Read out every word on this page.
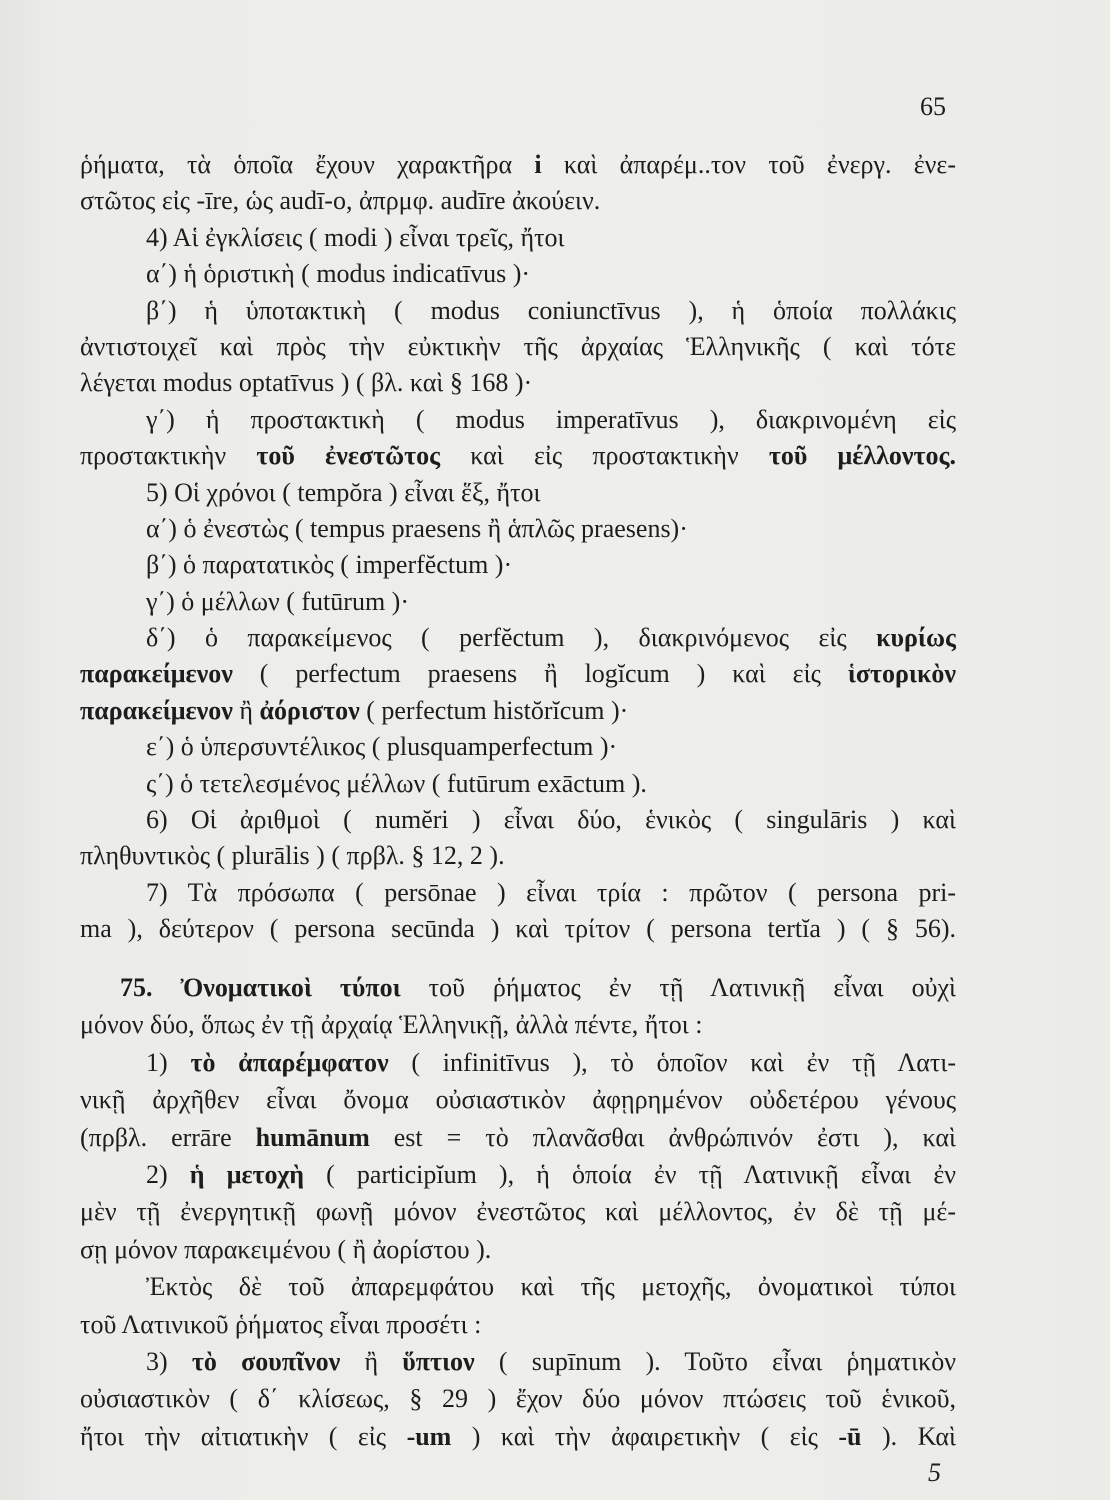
65
ῥήματα, τὰ ὁποῖα ἔχουν χαρακτῆρα i καὶ ἀπαρέμ..τον τοῦ ἐνεργ. ἐνε-
στῶτος εἰς -īre, ὡς audī-o, ἀπρμφ. audīre ἀκούειν.
4) Αἱ ἐγκλίσεις ( modi ) εἶναι τρεῖς, ἤτοι
α΄) ἡ ὁριστικὴ ( modus indicatīvus )·
β΄) ἡ ὑποτακτικὴ ( modus coniunctīvus ), ἡ ὁποία πολλάκις
ἀντιστοιχεῖ καὶ πρὸς τὴν εὐκτικὴν τῆς ἀρχαίας Ἑλληνικῆς ( καὶ τότε
λέγεται modus optatīvus ) ( βλ. καὶ § 168 )·
γ΄) ἡ προστακτικὴ ( modus imperatīvus ), διακρινομένη εἰς
προστακτικὴν τοῦ ἐνεστῶτος καὶ εἰς προστακτικὴν τοῦ μέλλοντος.
5) Οἱ χρόνοι ( tempŏra ) εἶναι ἕξ, ἤτοι
α΄) ὁ ἐνεστὼς ( tempus praesens ἢ ἁπλῶς praesens)·
β΄) ὁ παρατατικὸς ( imperfĕctum )·
γ΄) ὁ μέλλων ( futūrum )·
δ΄) ὁ παρακείμενος ( perfĕctum ), διακρινόμενος εἰς κυρίως
παρακείμενον ( perfectum praesens ἢ logĭcum ) καὶ εἰς ἱστορικὸν
παρακείμενον ἢ ἀόριστον ( perfectum histŏrĭcum )·
ε΄) ὁ ὑπερσυντέλικος ( plusquamperfectum )·
ς΄) ὁ τετελεσμένος μέλλων ( futūrum exāctum ).
6) Οἱ ἀριθμοὶ ( numĕri ) εἶναι δύο, ἑνικὸς ( singulāris ) καὶ
πληθυντικὸς ( plurālis ) ( πρβλ. § 12, 2 ).
7) Τὰ πρόσωπα ( persōnae ) εἶναι τρία : πρῶτον ( persona pri-
ma ), δεύτερον ( persona secūnda ) καὶ τρίτον ( persona tertĭa ) ( § 56).
75. Ὀνοματικοὶ τύποι τοῦ ῥήματος ἐν τῇ Λατινικῇ εἶναι οὐχὶ
μόνον δύο, ὅπως ἐν τῇ ἀρχαίᾳ Ἑλληνικῇ, ἀλλὰ πέντε, ἤτοι :
1) τὸ ἀπαρέμφατον ( infinitīvus ), τὸ ὁποῖον καὶ ἐν τῇ Λατι-
νικῇ ἀρχῆθεν εἶναι ὄνομα οὐσιαστικὸν ἀφῃρημένον οὐδετέρου γένους
(πρβλ. errāre humānum est = τὸ πλανᾶσθαι ἀνθρώπινόν ἐστι ), καὶ
2) ἡ μετοχὴ ( participĭum ), ἡ ὁποία ἐν τῇ Λατινικῇ εἶναι ἐν
μὲν τῇ ἐνεργητικῇ φωνῇ μόνον ἐνεστῶτος καὶ μέλλοντος, ἐν δὲ τῇ μέ-
σῃ μόνον παρακειμένου ( ἢ ἀορίστου ).
Ἐκτὸς δὲ τοῦ ἀπαρεμφάτου καὶ τῆς μετοχῆς, ὀνοματικοὶ τύποι
τοῦ Λατινικοῦ ῥήματος εἶναι προσέτι :
3) τὸ σουπῖνον ἢ ὕπτιον ( supīnum ). Τοῦτο εἶναι ῥηματικὸν
οὐσιαστικὸν ( δ΄ κλίσεως, § 29 ) ἔχον δύο μόνον πτώσεις τοῦ ἑνικοῦ,
ἤτοι τὴν αἰτιατικὴν ( εἰς -um ) καὶ τὴν ἀφαιρετικὴν ( εἰς -ū ). Καὶ
5
